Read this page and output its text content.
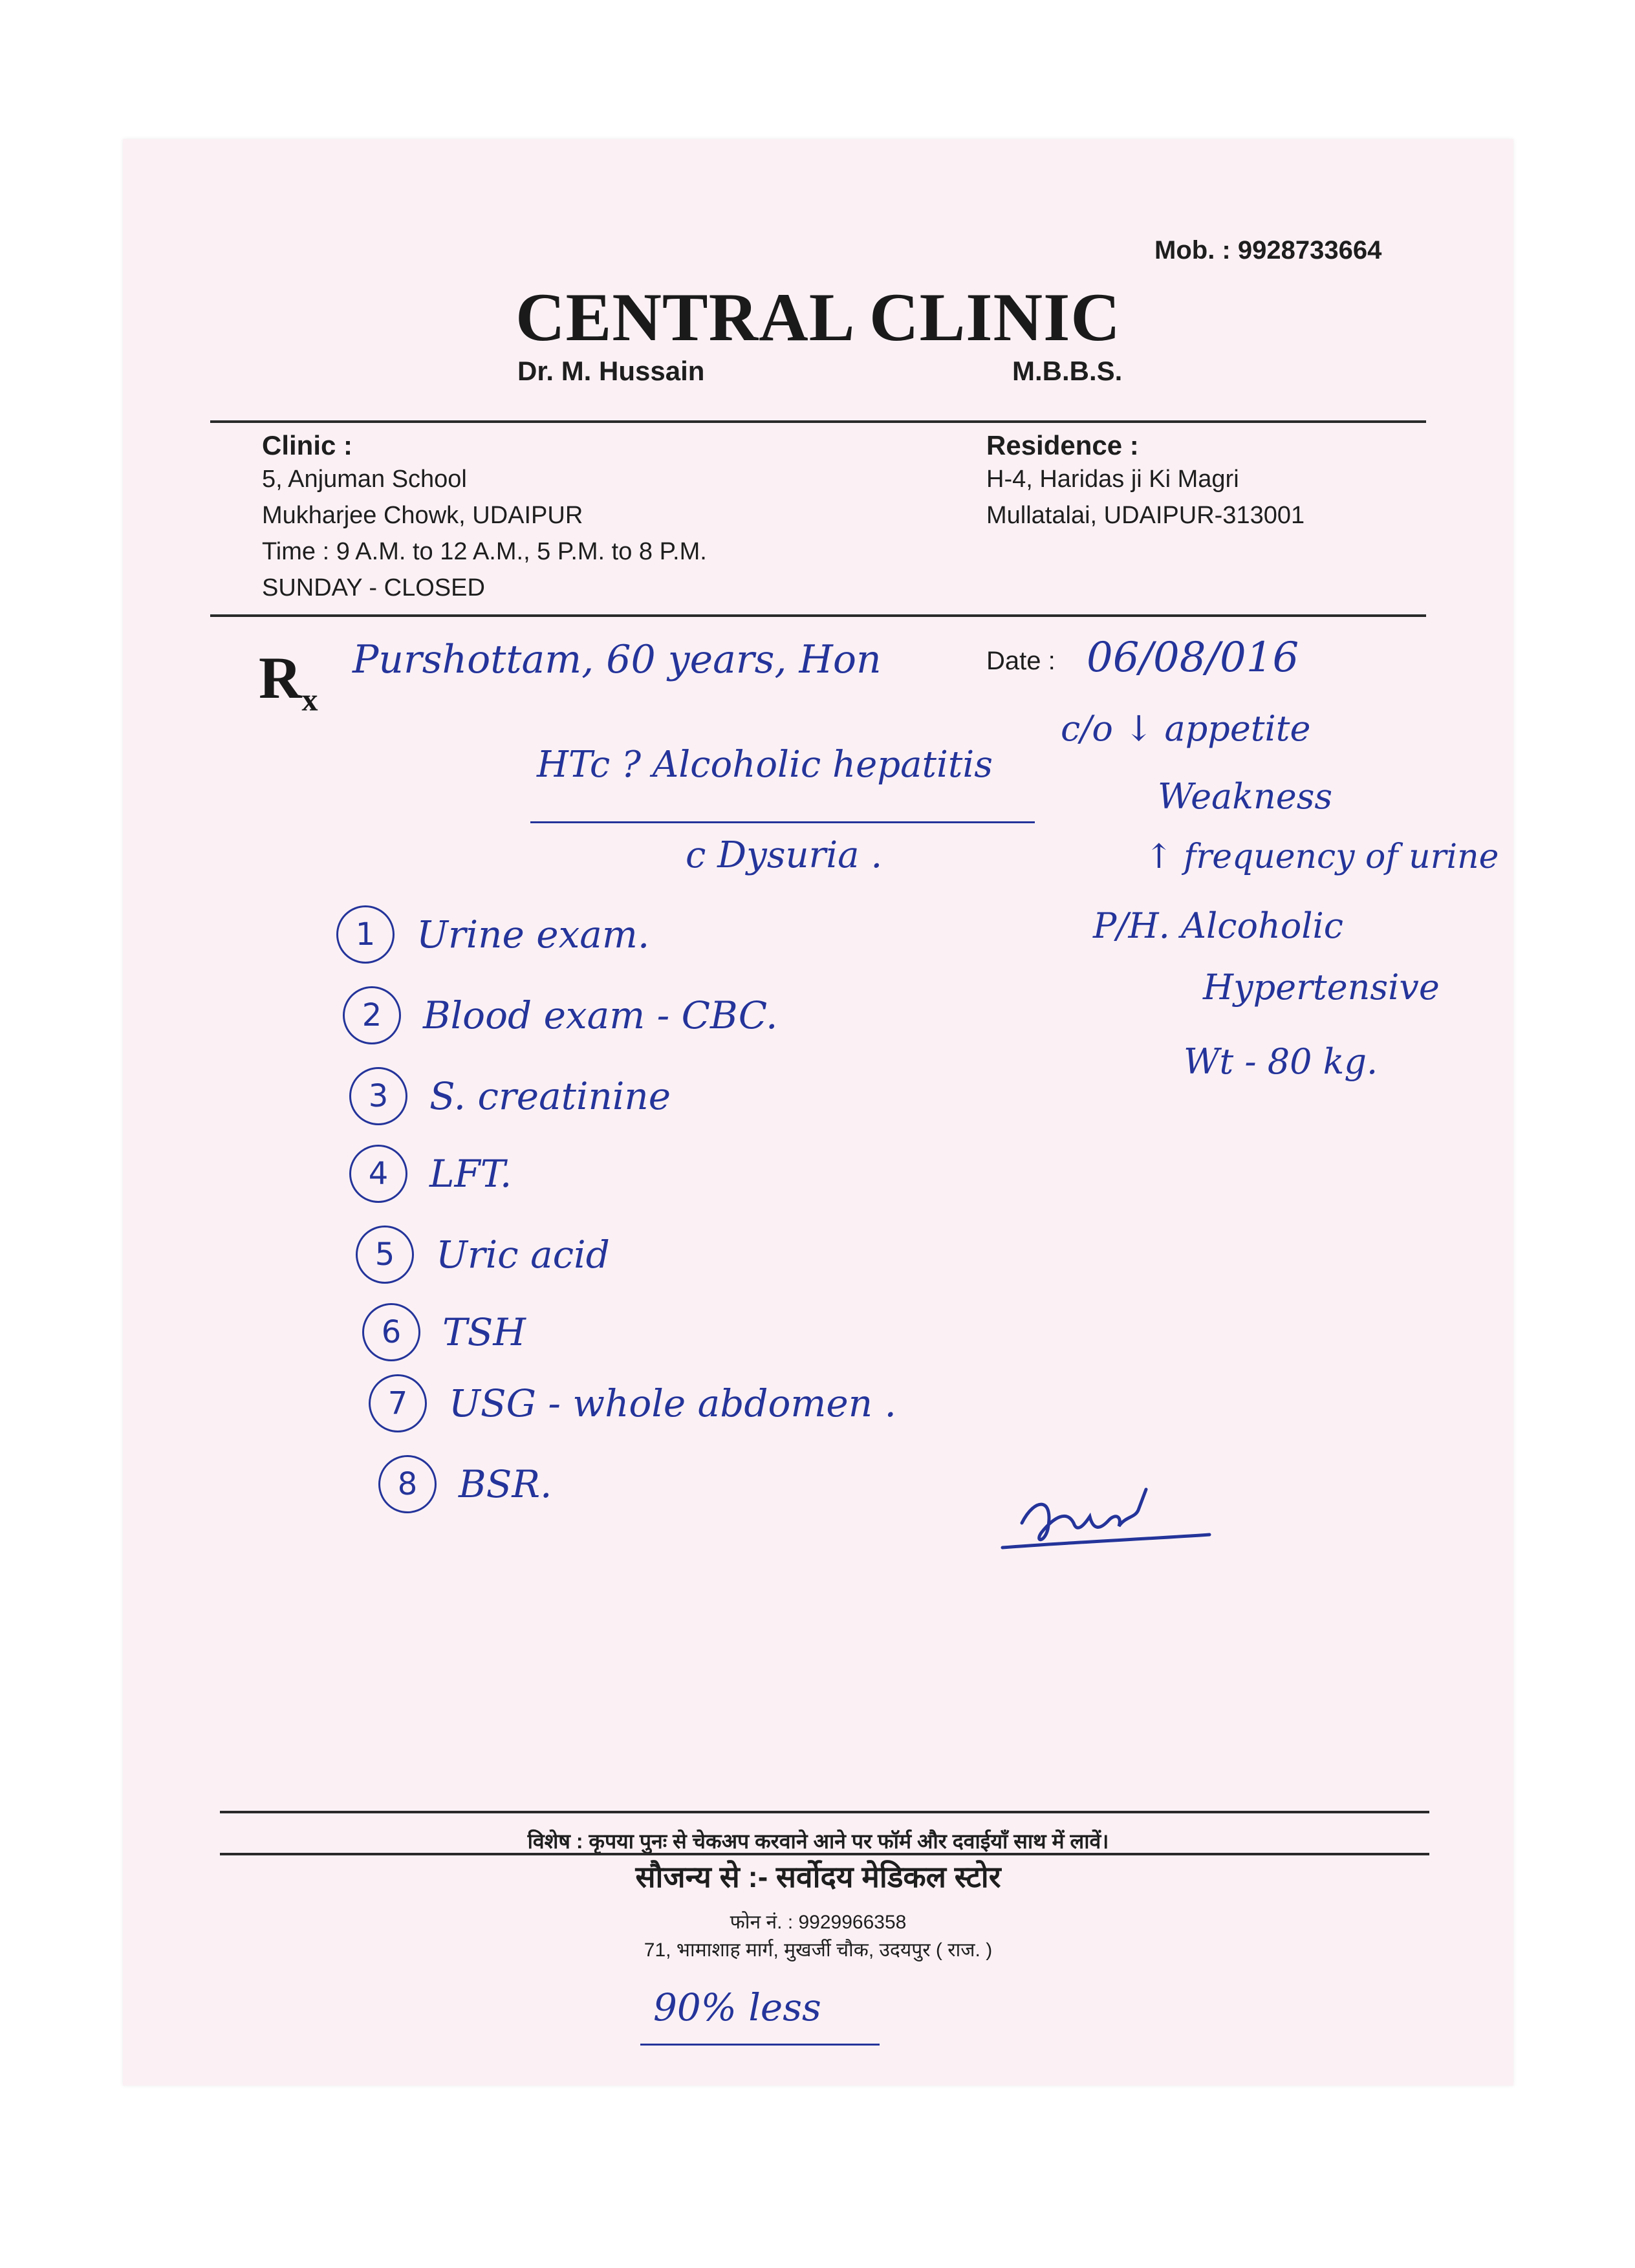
Mob. : 9928733664
CENTRAL CLINIC
Dr. M. Hussain	M.B.B.S.
Clinic :
5, Anjuman School
Mukharjee Chowk, UDAIPUR
Time : 9 A.M. to 12 A.M., 5 P.M. to 8 P.M.
SUNDAY - CLOSED
Residence :
H-4, Haridas ji Ki Magri
Mullatalai, UDAIPUR-313001
$R_x$
Purshottam, 60 years, Hon	Date : 06/08/016
HTc ? Alcoholic hepatitis
c Dysuria .
c/o ↓ appetite
Weakness
↑ frequency of urine
P/H. Alcoholic
Hypertensive
Wt - 80 kg.
1 Urine exam.
2 Blood exam - CBC.
3 S. creatinine
4 LFT.
5 Uric acid
6 TSH
7 USG - whole abdomen .
8 BSR.
विशेष : कृपया पुनः से चेकअप करवाने आने पर फॉर्म और दवाईयाँ साथ में लावें।
सौजन्य से :- सर्वोदय मेडिकल स्टोर
फोन नं. : 9929966358
71, भामाशाह मार्ग, मुखर्जी चौक, उदयपुर ( राज. )
90% less
